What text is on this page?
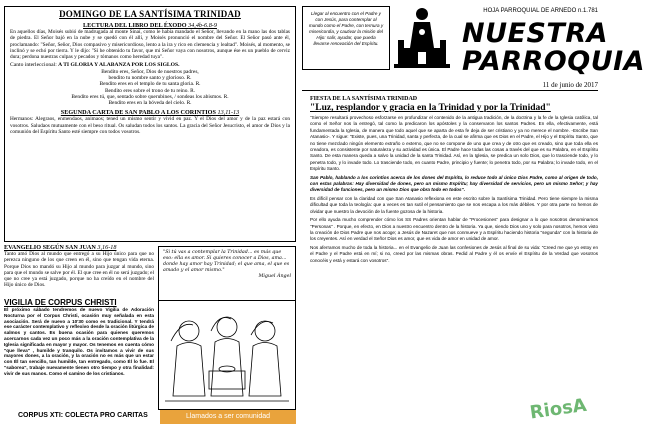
DOMINGO DE LA SANTÍSIMA TRINIDAD
LECTURA DEL LIBRO DEL ÉXODO 34,4b-6.8-9

En aquellos días, Moisés subió de madrugada al monte Sinaí, como le había mandado el Señor, llevando en la mano las dos tablas de piedra. El Señor bajó en la nube y se quedó con él allí, y Moisés pronunció el nombre del Señor. El Señor pasó ante él, proclamando: "Señor, Señor, Dios compasivo y misericordioso, lento a la ira y rico en clemencia y lealtad". Moisés, al momento, se inclinó y se echó por tierra. Y le dijo: "Si he obtenido tu favor, que mi Señor vaya con nosotros, aunque ése es un pueblo de cerviz dura; perdona nuestras culpas y pecados y tómanos como heredad tuya".

Canto interleccional: A TI GLORIA Y ALABANZA POR LOS SIGLOS.
Bendito eres, Señor, Dios de nuestros padres,
bendito tu nombre santo y glorioso. R.
Bendito eres en el templo de tu santa gloria. R.
Bendito eres sobre el trono de tu reino. R.
Bendito eres tú, que, sentado sobre querubines, / sondeas los abismos. R.
Bendito eres en la bóveda del cielo. R.
SEGUNDA CARTA DE SAN PABLO A LOS CORINTIOS 13,11-13

Hermanos: Alegraos, enmendaos, animaos; tened un mismo sentir y vivid en paz. Y el Dios del amor y de la paz estará con vosotros. Saludaos mutuamente con el beso ritual. Os saludan todos los santos. La gracia del Señor Jesucristo, el amor de Dios y la comunión del Espíritu Santo esté siempre con todos vosotros.

EVANGELIO SEGÚN SAN JUAN 3,16-18

Tanto amó Dios al mundo que entregó a su Hijo único para que no perezca ninguno de los que creen en él, sino que tengan vida eterna. Porque Dios no mandó su Hijo al mundo para juzgar al mundo, sino para que el mundo se salve por él. El que cree en él no será juzgado; el que no cree ya está juzgado, porque no ha creído en el nombre del Hijo único de Dios.

"Si tú vas a contemplar la Trinidad... es más que eso: ella es amor. Si quieres conocer a Dios, ama... donde hay amor hay Trinidad; el que ama, el que es amado y el amor mismo."
Miguel Ángel
VIGILIA DE CORPUS CHRISTI

El próximo sábado tendremos de nuevo Vigilia de Adoración Nocturna por el Corpus Christi, ocasión muy señalada en esta asociación. Será de nuevo a 10'30 como es tradicional. Y tendrá ese carácter contemplativo y reflexivo desde la oración litúrgica de salmos y cantos. Es buena ocasión para quienes queremos acercarnos cada vez un poco más a la oración contemplativa de la Iglesia significada en mayor y mayor. Os tenemos en cuenta cómo "que lleva" , humilde y tranquilo. Os invitamos a vivir de sus mayores dones, a la oración, y la oración no es más que un estar con Él tan sencillo, tan humilde, tan entregado, como Él lo fue. El "saborea", trabaje nuevamente tienen otro tiempo y otra finalidad: vivir de sus manos. Como el camino de los cristianos.

CORPUS XTI: COLECTA PRO CARITAS	Llamados a ser comunidad
Llegar al encuentro con el Padre y con Jesús, para contemplar al mundo como el Padre, con ternura y misericordia, y cautivar la misión del Hijo: salir, ayudar, que pueda llevarse renovación del Espíritu.
HOJA PARROQUIAL DE ARNEDO n.1.781
NUESTRA
PARROQUIA
11 de junio de 2017
FIESTA DE LA SANTÍSIMA TRINIDAD
"Luz, resplandor y gracia en la Trinidad y por la Trinidad"

"Siempre resultará provechoso esforzarse en profundizar el contenido de la antigua tradición, de la doctrina y la fe de la Iglesia católica, tal como el Señor nos la entregó, tal como la predicaron los apóstoles y la conservaron los santos Padres. En ella, efectivamente, está fundamentada la Iglesia, de manera que todo aquel que se aparta de esta fe deja de ser cristiano y ya no merece el nombre. -Escribe San Atanasio-. Y sigue: "Existe, pues, una Trinidad, santa y perfecta, de la cual se afirma que es Dios en el Padre, el Hijo y el Espíritu Santo, que no tiene mezclado ningún elemento extraño o externo, que no se compone de uno que crea y de otro que es creado, sino que toda ella es creadora, es consistente por naturaleza y su actividad es única. El Padre hace todas las cosas a través del que es su Palabra, en el Espíritu Santo. De esta manera queda a salvo la unidad de la santa Trinidad. Así, en la Iglesia, se predica un solo Dios, que lo trasciende todo, y lo penetra todo, y lo invade todo. Lo trasciende todo, en cuanto Padre, principio y fuente; lo penetra todo, por su Palabra; lo invade todo, en el Espíritu Santo.

San Pablo, hablando a los corintios acerca de los dones del Espíritu, lo reduce todo al único Dios Padre, como al origen de todo, con estas palabras: Hay diversidad de dones, pero un mismo Espíritu; hay diversidad de servicios, pero un mismo Señor; y hay diversidad de funciones, pero un mismo Dios que obra todo en todos".

Es difícil pensar con la claridad con que San Atanasio reflexiona en este escrito sobre la Santísima Trinidad. Pero tiene siempre la misma dificultad que toda la teología: que a veces es tan sutil el pensamiento que se nos escapa a los más débiles. Y por otra parte no hemos de olvidar que nuestro la devoción de la fuente gozosa de la historia.

Por ello ayuda mucho comprender cómo los SS Padres orientan hablar de "Procesiones" para designar a lo que nosotros denominamos "Personas" . Porque, en efecto, en Dios a nuestro encuentro dentro de la historia. Ya que, siendo Dios uno y solo para nosotros, hemos visto la creación de Dios Padre que nos acoge; a Jesús de Nazaret que nos conmueve y a Espíritu haciendo historia "segunda" con la historia de los creyentes. Así en verdad el Señor Dios es amor, que es vida de amor en unidad de amor.

Nos aferramos mucho de toda la historia... en el Evangelio de Juan las confesiones de Jesús al final de su vida: "Creed me que yo estoy en el Padre y el Padre está en mí; si no, creed por las mismas obras. Pedid al Padre y él os envíe el Espíritu de la Verdad que vosotros conocéis y está y estará con vosotros".

RiosA
